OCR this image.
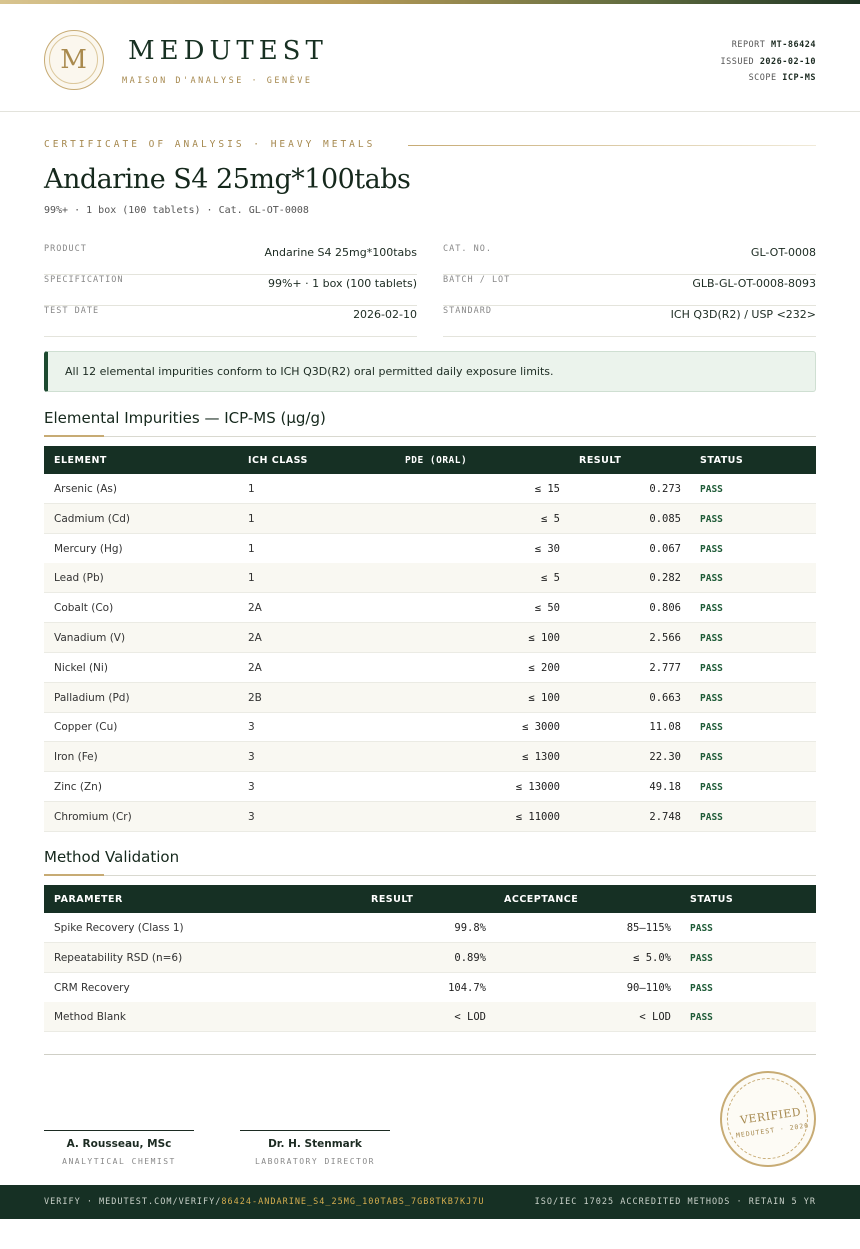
M	MEDUTEST
MAISON D'ANALYSE · GENÈVE
REPORT MT-86424
ISSUED 2026-02-10
SCOPE ICP-MS
CERTIFICATE OF ANALYSIS · HEAVY METALS
Andarine S4 25mg*100tabs
99%+ · 1 box (100 tablets) · Cat. GL-OT-0008
PRODUCT	Andarine S4 25mg*100tabs	CAT. NO.	GL-OT-0008
SPECIFICATION	99%+ · 1 box (100 tablets)	BATCH / LOT	GLB-GL-OT-0008-8093
TEST DATE	2026-02-10	STANDARD	ICH Q3D(R2) / USP <232>
All 12 elemental impurities conform to ICH Q3D(R2) oral permitted daily exposure limits.
Elemental Impurities — ICP-MS (µg/g)
ELEMENT	ICH CLASS	PDE (ORAL)	RESULT	STATUS
Arsenic (As)	1	≤ 15	0.273 PASS
Cadmium (Cd)	1	≤ 5	0.085 PASS
Mercury (Hg)	1	≤ 30	0.067 PASS
Lead (Pb)	1	≤ 5	0.282 PASS
Cobalt (Co)	2A	≤ 50	0.806 PASS
Vanadium (V)	2A	≤ 100	2.566 PASS
Nickel (Ni)	2A	≤ 200	2.777 PASS
Palladium (Pd)	2B	≤ 100	0.663 PASS
Copper (Cu)	3	≤ 3000	11.08 PASS
Iron (Fe)	3	≤ 1300	22.30 PASS
Zinc (Zn)	3	≤ 13000	49.18 PASS
Chromium (Cr)	3	≤ 11000	2.748 PASS
Method Validation
PARAMETER	RESULT	ACCEPTANCE	STATUS
Spike Recovery (Class 1)	99.8%	85–115% PASS
Repeatability RSD (n=6)	0.89%	≤ 5.0% PASS
CRM Recovery	104.7%	90–110% PASS
Method Blank	< LOD	< LOD PASS
A. Rousseau, MSc
ANALYTICAL CHEMIST
Dr. H. Stenmark
LABORATORY DIRECTOR
VERIFIED
MEDUTEST · 2026
VERIFY · MEDUTEST.COM/VERIFY/86424-ANDARINE_S4_25MG_100TABS_7GB8TKB7KJ7U	ISO/IEC 17025 ACCREDITED METHODS · RETAIN 5 YR
